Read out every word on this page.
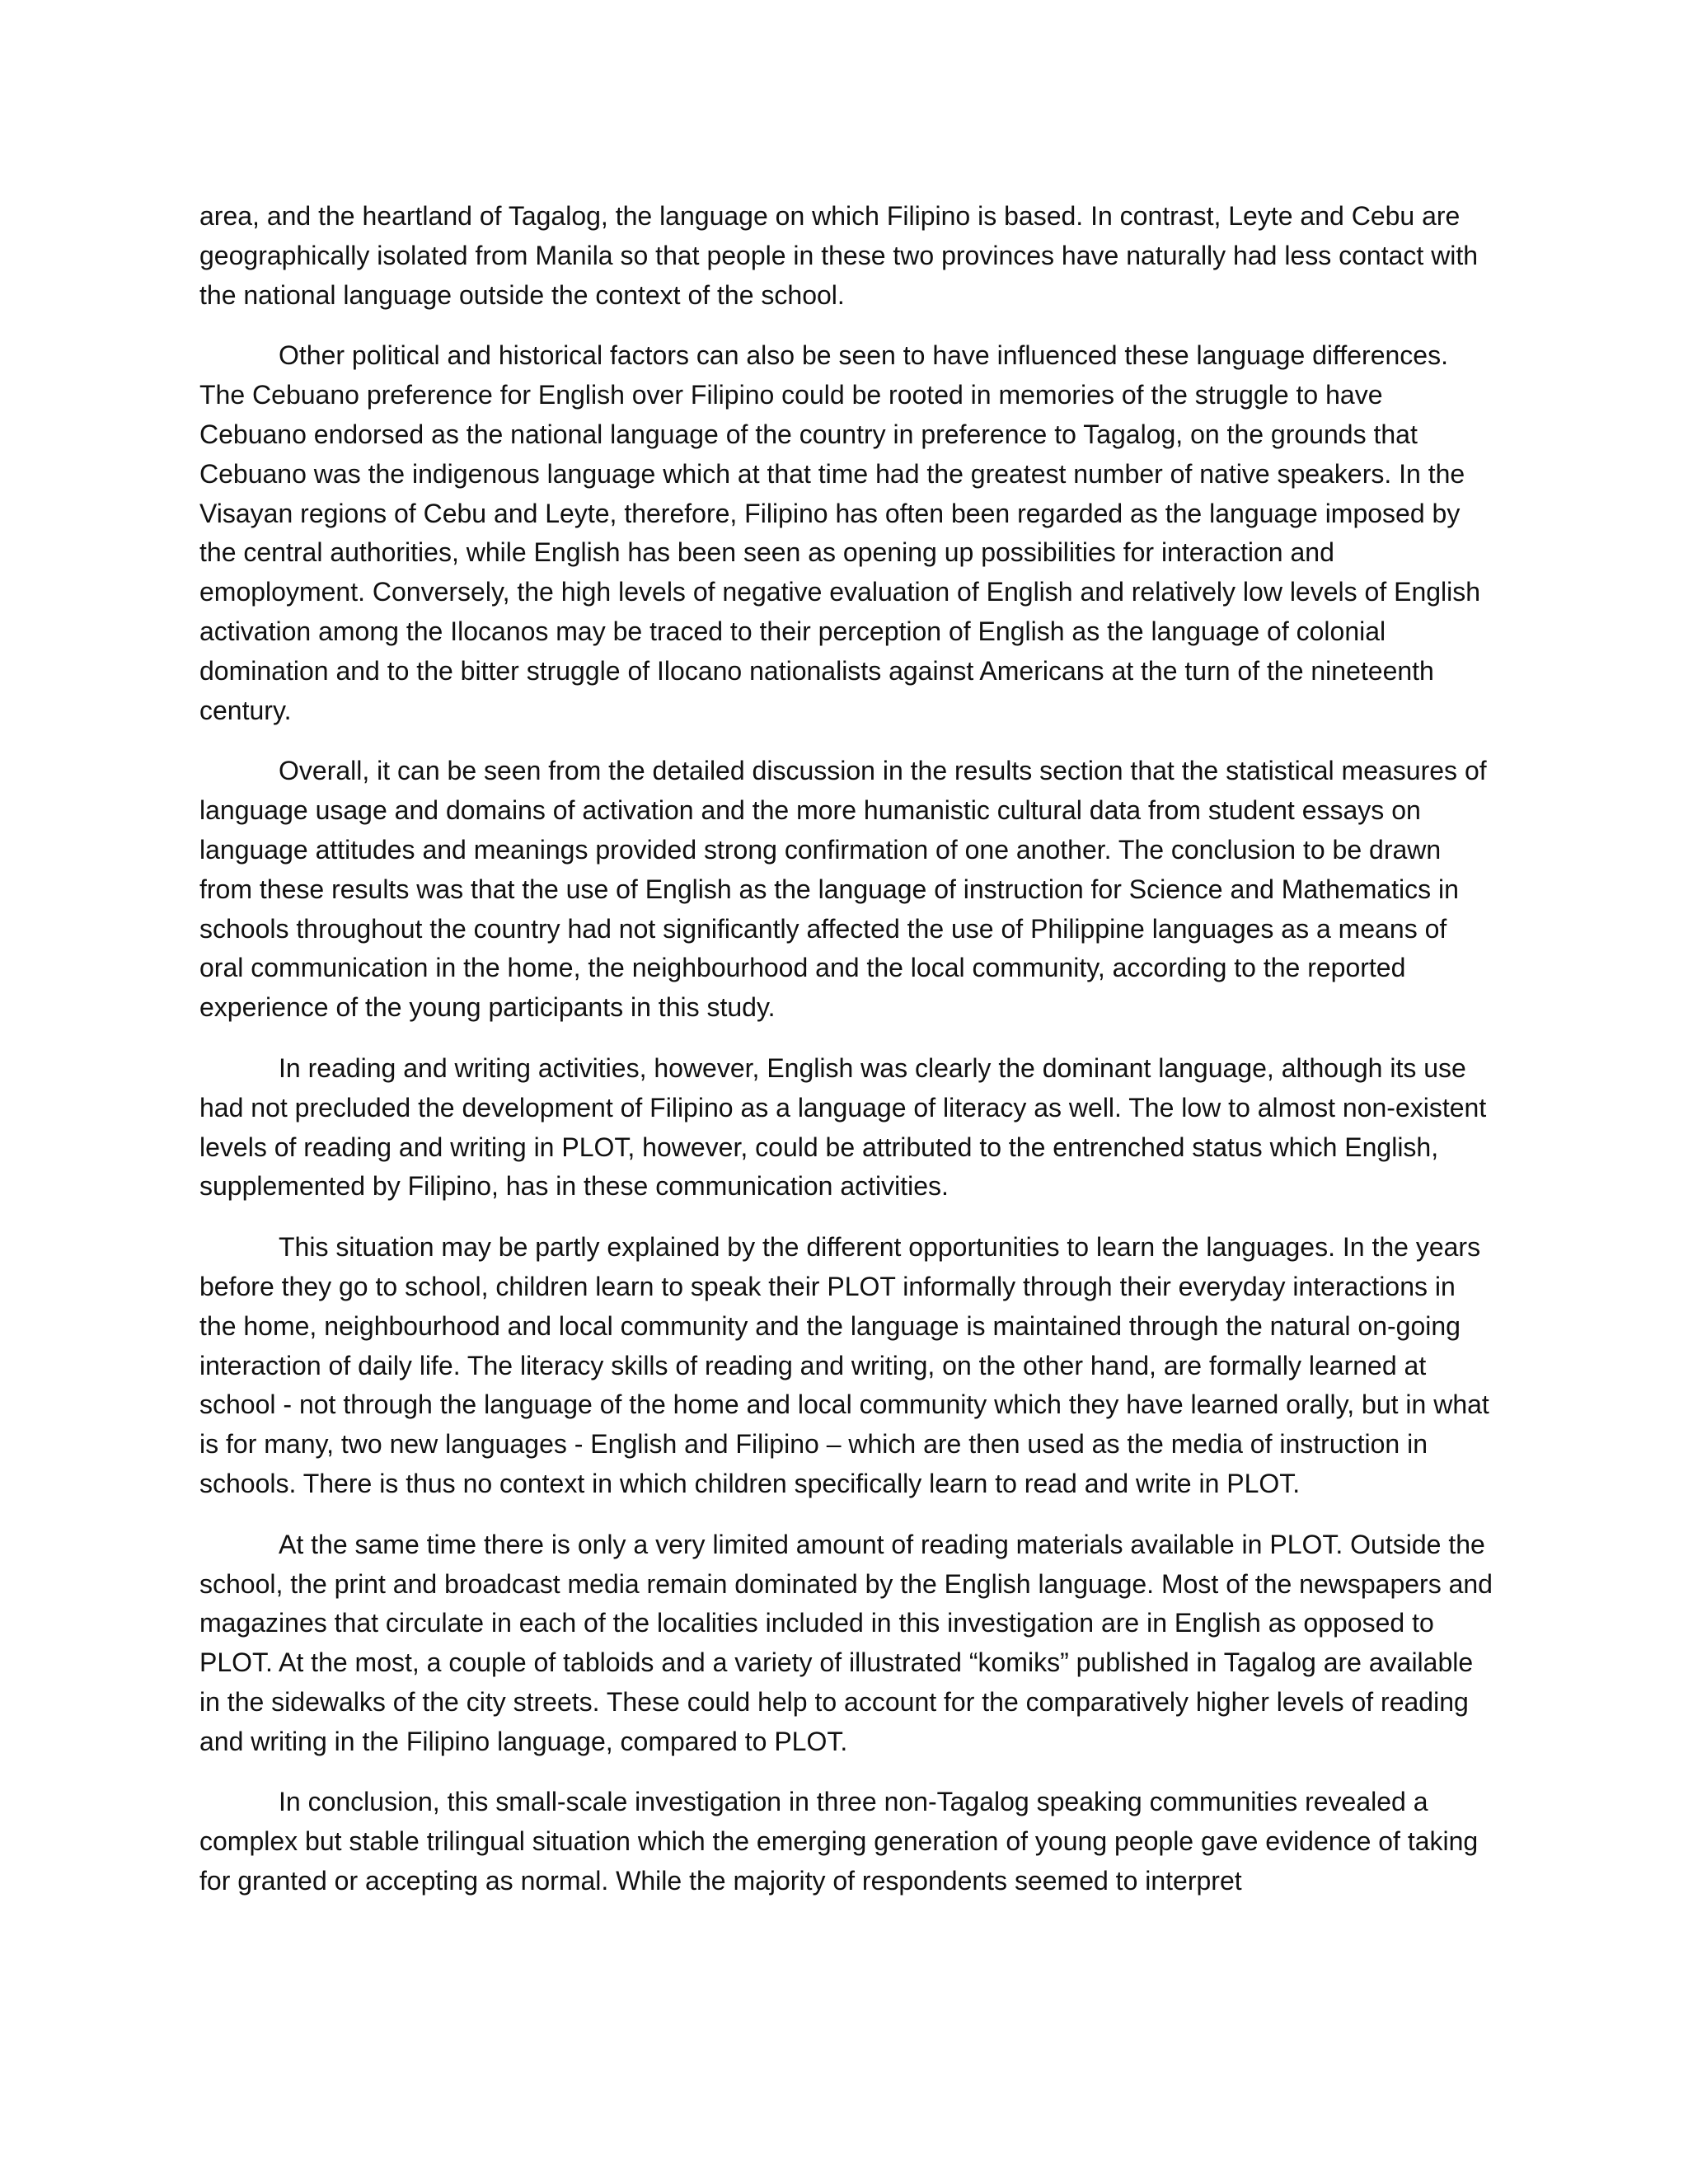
area, and the heartland of Tagalog, the language on which Filipino is based. In contrast, Leyte and Cebu are geographically isolated from Manila so that people in these two provinces have naturally had less contact with the national language outside the context of the school.

Other political and historical factors can also be seen to have influenced these language differences. The Cebuano preference for English over Filipino could be rooted in memories of the struggle to have Cebuano endorsed as the national language of the country in preference to Tagalog, on the grounds that Cebuano was the indigenous language which at that time had the greatest number of native speakers. In the Visayan regions of Cebu and Leyte, therefore, Filipino has often been regarded as the language imposed by the central authorities, while English has been seen as opening up possibilities for interaction and emoployment. Conversely, the high levels of negative evaluation of English and relatively low levels of English activation among the Ilocanos may be traced to their perception of English as the language of colonial domination and to the bitter struggle of Ilocano nationalists against Americans at the turn of the nineteenth century.

Overall, it can be seen from the detailed discussion in the results section that the statistical measures of language usage and domains of activation and the more humanistic cultural data from student essays on language attitudes and meanings provided strong confirmation of one another. The conclusion to be drawn from these results was that the use of English as the language of instruction for Science and Mathematics in schools throughout the country had not significantly affected the use of Philippine languages as a means of oral communication in the home, the neighbourhood and the local community, according to the reported experience of the young participants in this study.

In reading and writing activities, however, English was clearly the dominant language, although its use had not precluded the development of Filipino as a language of literacy as well. The low to almost non-existent levels of reading and writing in PLOT, however, could be attributed to the entrenched status which English, supplemented by Filipino, has in these communication activities.

This situation may be partly explained by the different opportunities to learn the languages. In the years before they go to school, children learn to speak their PLOT informally through their everyday interactions in the home, neighbourhood and local community and the language is maintained through the natural on-going interaction of daily life. The literacy skills of reading and writing, on the other hand, are formally learned at school - not through the language of the home and local community which they have learned orally, but in what is for many, two new languages - English and Filipino – which are then used as the media of instruction in schools. There is thus no context in which children specifically learn to read and write in PLOT.

At the same time there is only a very limited amount of reading materials available in PLOT. Outside the school, the print and broadcast media remain dominated by the English language. Most of the newspapers and magazines that circulate in each of the localities included in this investigation are in English as opposed to PLOT. At the most, a couple of tabloids and a variety of illustrated “komiks” published in Tagalog are available in the sidewalks of the city streets. These could help to account for the comparatively higher levels of reading and writing in the Filipino language, compared to PLOT.

In conclusion, this small-scale investigation in three non-Tagalog speaking communities revealed a complex but stable trilingual situation which the emerging generation of young people gave evidence of taking for granted or accepting as normal. While the majority of respondents seemed to interpret
